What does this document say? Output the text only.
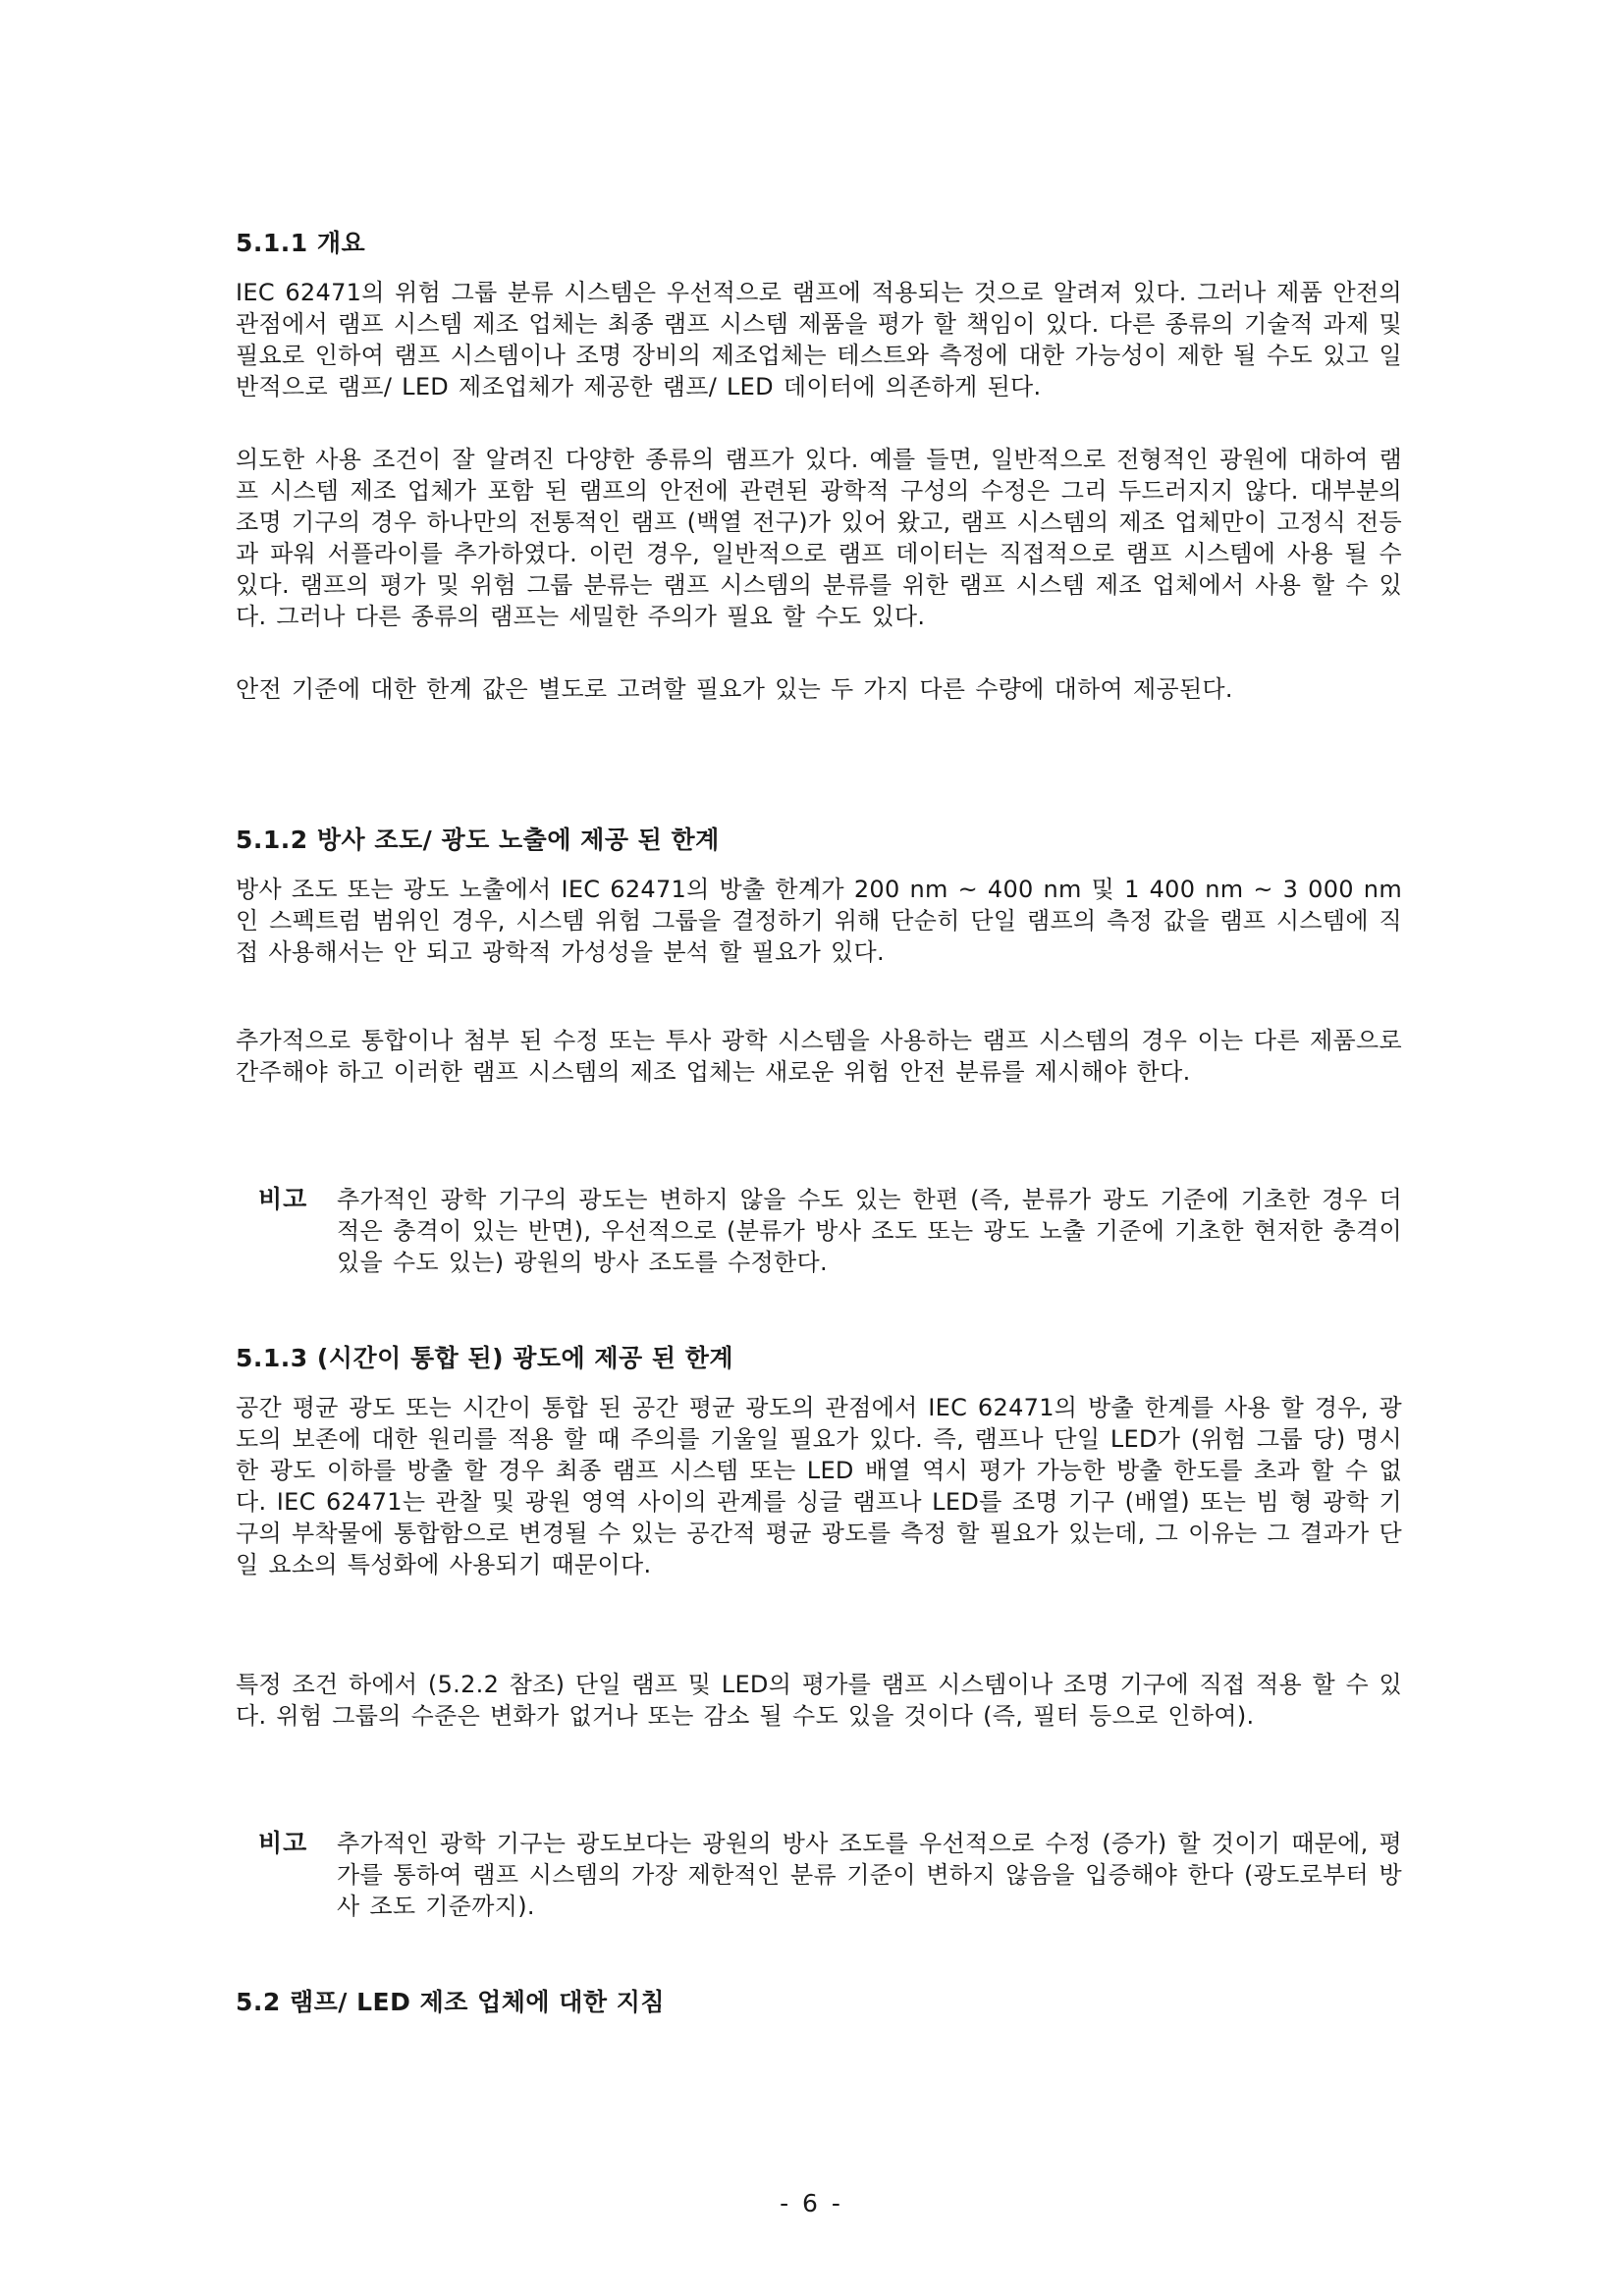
5.1.1 개요
IEC 62471의 위험 그룹 분류 시스템은 우선적으로 램프에 적용되는 것으로 알려져 있다. 그러나 제품 안전의 관점에서 램프 시스템 제조 업체는 최종 램프 시스템 제품을 평가 할 책임이 있다. 다른 종류의 기술적 과제 및 필요로 인하여 램프 시스템이나 조명 장비의 제조업체는 테스트와 측정에 대한 가능성이 제한 될 수도 있고 일반적으로 램프/ LED 제조업체가 제공한 램프/ LED 데이터에 의존하게 된다.
의도한 사용 조건이 잘 알려진 다양한 종류의 램프가 있다. 예를 들면, 일반적으로 전형적인 광원에 대하여 램프 시스템 제조 업체가 포함 된 램프의 안전에 관련된 광학적 구성의 수정은 그리 두드러지지 않다. 대부분의 조명 기구의 경우 하나만의 전통적인 램프 (백열 전구)가 있어 왔고, 램프 시스템의 제조 업체만이 고정식 전등과 파워 서플라이를 추가하였다. 이런 경우, 일반적으로 램프 데이터는 직접적으로 램프 시스템에 사용 될 수 있다. 램프의 평가 및 위험 그룹 분류는 램프 시스템의 분류를 위한 램프 시스템 제조 업체에서 사용 할 수 있다. 그러나 다른 종류의 램프는 세밀한 주의가 필요 할 수도 있다.
안전 기준에 대한 한계 값은 별도로 고려할 필요가 있는 두 가지 다른 수량에 대하여 제공된다.
5.1.2 방사 조도/ 광도 노출에 제공 된 한계
방사 조도 또는 광도 노출에서 IEC 62471의 방출 한계가 200 nm ~ 400 nm 및 1 400 nm ~ 3 000 nm인 스펙트럼 범위인 경우, 시스템 위험 그룹을 결정하기 위해 단순히 단일 램프의 측정 값을 램프 시스템에 직접 사용해서는 안 되고 광학적 가성성을 분석 할 필요가 있다.
추가적으로 통합이나 첨부 된 수정 또는 투사 광학 시스템을 사용하는 램프 시스템의 경우 이는 다른 제품으로 간주해야 하고 이러한 램프 시스템의 제조 업체는 새로운 위험 안전 분류를 제시해야 한다.
비고 추가적인 광학 기구의 광도는 변하지 않을 수도 있는 한편 (즉, 분류가 광도 기준에 기초한 경우 더 적은 충격이 있는 반면), 우선적으로 (분류가 방사 조도 또는 광도 노출 기준에 기초한 현저한 충격이 있을 수도 있는) 광원의 방사 조도를 수정한다.
5.1.3 (시간이 통합 된) 광도에 제공 된 한계
공간 평균 광도 또는 시간이 통합 된 공간 평균 광도의 관점에서 IEC 62471의 방출 한계를 사용 할 경우, 광도의 보존에 대한 원리를 적용 할 때 주의를 기울일 필요가 있다. 즉, 램프나 단일 LED가 (위험 그룹 당) 명시 한 광도 이하를 방출 할 경우 최종 램프 시스템 또는 LED 배열 역시 평가 가능한 방출 한도를 초과 할 수 없다. IEC 62471는 관찰 및 광원 영역 사이의 관계를 싱글 램프나 LED를 조명 기구 (배열) 또는 빔 형 광학 기구의 부착물에 통합함으로 변경될 수 있는 공간적 평균 광도를 측정 할 필요가 있는데, 그 이유는 그 결과가 단일 요소의 특성화에 사용되기 때문이다.
특정 조건 하에서 (5.2.2 참조) 단일 램프 및 LED의 평가를 램프 시스템이나 조명 기구에 직접 적용 할 수 있다. 위험 그룹의 수준은 변화가 없거나 또는 감소 될 수도 있을 것이다 (즉, 필터 등으로 인하여).
비고 추가적인 광학 기구는 광도보다는 광원의 방사 조도를 우선적으로 수정 (증가) 할 것이기 때문에, 평가를 통하여 램프 시스템의 가장 제한적인 분류 기준이 변하지 않음을 입증해야 한다 (광도로부터 방사 조도 기준까지).
5.2 램프/ LED 제조 업체에 대한 지침
- 6 -
